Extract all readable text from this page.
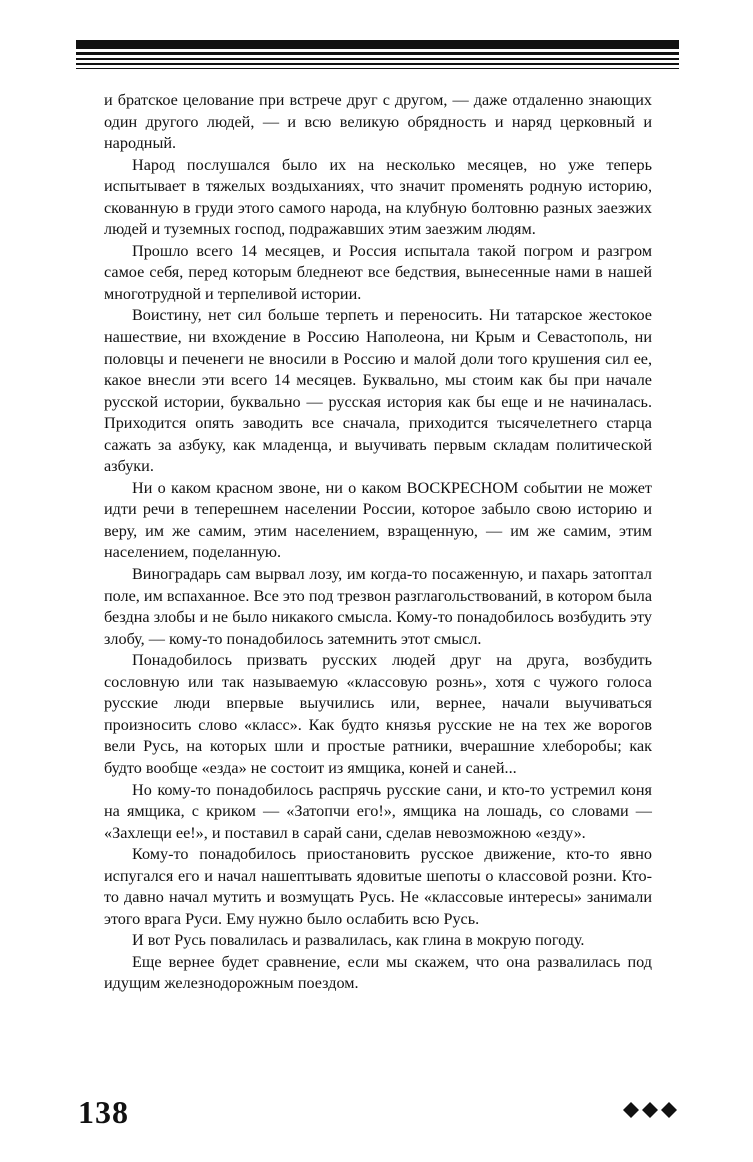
и братское целование при встрече друг с другом, — даже отдаленно знающих один другого людей, — и всю великую обрядность и наряд церковный и народный.

Народ послушался было их на несколько месяцев, но уже теперь испытывает в тяжелых воздыханиях, что значит променять родную историю, скованную в груди этого самого народа, на клубную болтовню разных заезжих людей и туземных господ, подражавших этим заезжим людям.

Прошло всего 14 месяцев, и Россия испытала такой погром и разгром самое себя, перед которым бледнеют все бедствия, вынесенные нами в нашей многотрудной и терпеливой истории.

Воистину, нет сил больше терпеть и переносить. Ни татарское жестокое нашествие, ни вхождение в Россию Наполеона, ни Крым и Севастополь, ни половцы и печенеги не вносили в Россию и малой доли того крушения сил ее, какое внесли эти всего 14 месяцев. Буквально, мы стоим как бы при начале русской истории, буквально — русская история как бы еще и не начиналась. Приходится опять заводить все сначала, приходится тысячелетнего старца сажать за азбуку, как младенца, и выучивать первым складам политической азбуки.

Ни о каком красном звоне, ни о каком ВОСКРЕСНОМ событии не может идти речи в теперешнем населении России, которое забыло свою историю и веру, им же самим, этим населением, взращенную, — им же самим, этим населением, поделанную.

Виноградарь сам вырвал лозу, им когда-то посаженную, и пахарь затоптал поле, им вспаханное. Все это под трезвон разглагольствований, в котором была бездна злобы и не было никакого смысла. Кому-то понадобилось возбудить эту злобу, — кому-то понадобилось затемнить этот смысл.

Понадобилось призвать русских людей друг на друга, возбудить сословную или так называемую «классовую рознь», хотя с чужого голоса русские люди впервые выучились или, вернее, начали выучиваться произносить слово «класс». Как будто князья русские не на тех же ворогов вели Русь, на которых шли и простые ратники, вчерашние хлеборобы; как будто вообще «езда» не состоит из ямщика, коней и саней...

Но кому-то понадобилось распрячь русские сани, и кто-то устремил коня на ямщика, с криком — «Затопчи его!», ямщика на лошадь, со словами — «Захлещи ее!», и поставил в сарай сани, сделав невозможною «езду».

Кому-то понадобилось приостановить русское движение, кто-то явно испугался его и начал нашептывать ядовитые шепоты о классовой розни. Кто-то давно начал мутить и возмущать Русь. Не «классовые интересы» занимали этого врага Руси. Ему нужно было ослабить всю Русь.

И вот Русь повалилась и развалилась, как глина в мокрую погоду.

Еще вернее будет сравнение, если мы скажем, что она развалилась под идущим железнодорожным поездом.

138
